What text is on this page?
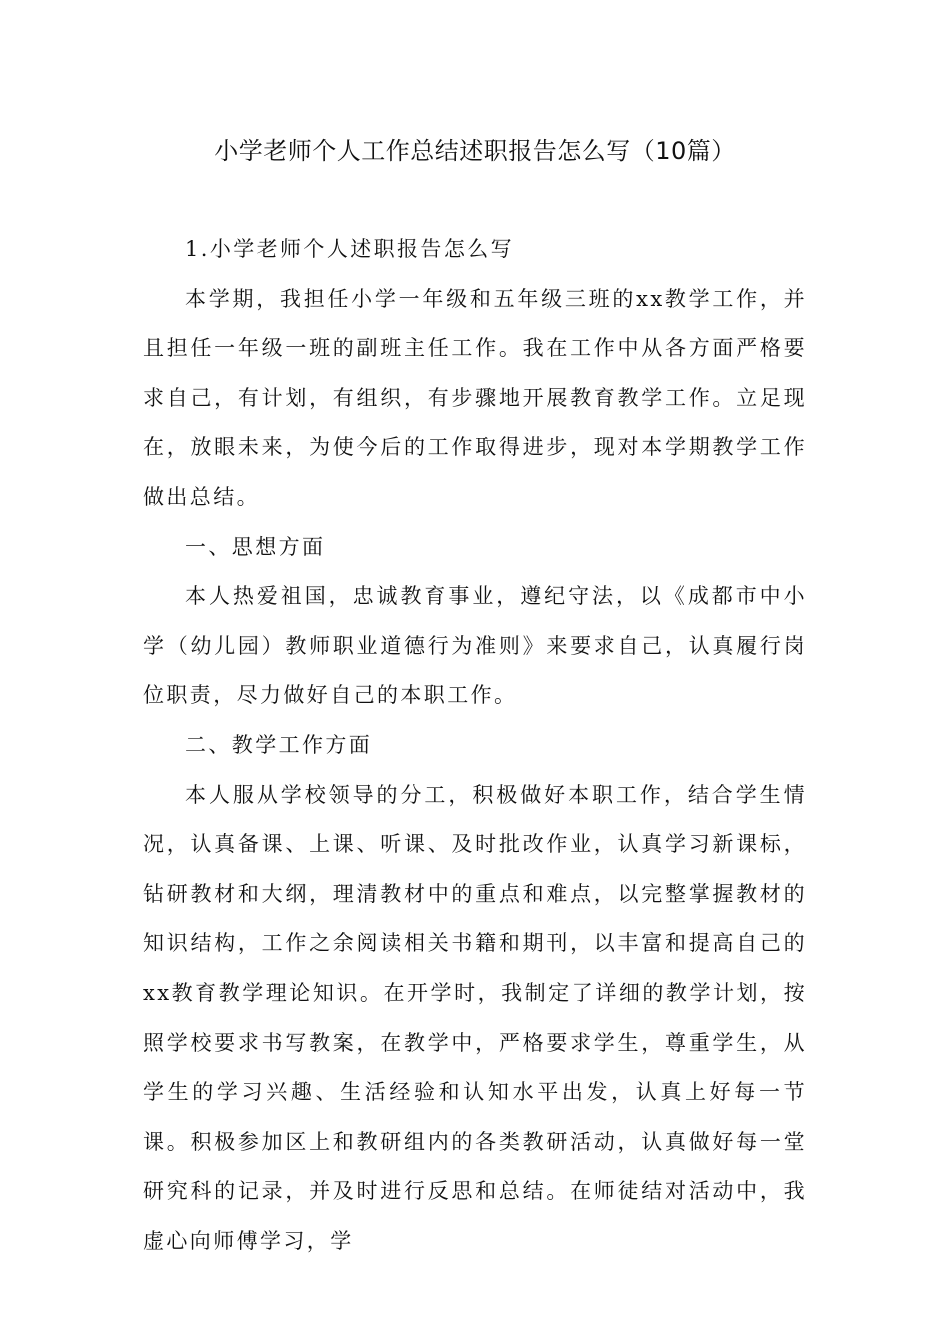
小学老师个人工作总结述职报告怎么写（10篇）

1.小学老师个人述职报告怎么写

本学期，我担任小学一年级和五年级三班的xx教学工作，并且担任一年级一班的副班主任工作。我在工作中从各方面严格要求自己，有计划，有组织，有步骤地开展教育教学工作。立足现在，放眼未来，为使今后的工作取得进步，现对本学期教学工作做出总结。

一、思想方面

本人热爱祖国，忠诚教育事业，遵纪守法，以《成都市中小学（幼儿园）教师职业道德行为准则》来要求自己，认真履行岗位职责，尽力做好自己的本职工作。

二、教学工作方面

本人服从学校领导的分工，积极做好本职工作，结合学生情况，认真备课、上课、听课、及时批改作业，认真学习新课标，钻研教材和大纲，理清教材中的重点和难点，以完整掌握教材的知识结构，工作之余阅读相关书籍和期刊，以丰富和提高自己的xx教育教学理论知识。在开学时，我制定了详细的教学计划，按照学校要求书写教案，在教学中，严格要求学生，尊重学生，从学生的学习兴趣、生活经验和认知水平出发，认真上好每一节课。积极参加区上和教研组内的各类教研活动，认真做好每一堂研究科的记录，并及时进行反思和总结。在师徒结对活动中，我虚心向师傅学习，学
